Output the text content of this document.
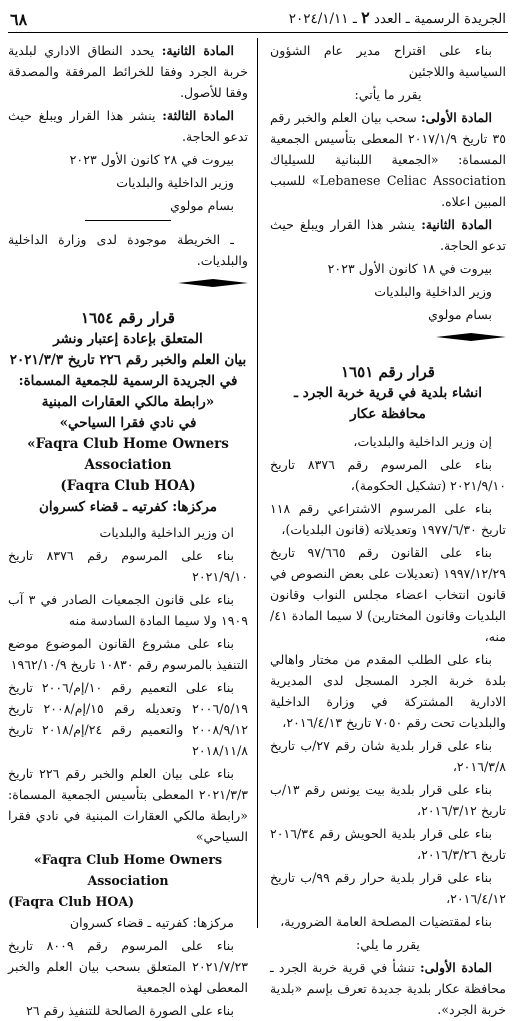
الجريدة الرسمية ـ العدد ٢ ـ ٢٠٢٤/١/١١
٦٨

بناء على اقتراح مدير عام الشؤون السياسية واللاجئين

يقرر ما يأتي:

المادة الأولى: سحب بيان العلم والخبر رقم ٣٥ تاريخ ٢٠١٧/١/٩ المعطى بتأسيس الجمعية المسماة: «الجمعية اللبنانية للسيلياك Lebanese Celiac Association» للسبب المبين اعلاه.

المادة الثانية: ينشر هذا القرار ويبلغ حيث تدعو الحاجة.

بيروت في ١٨ كانون الأول ٢٠٢٣

وزير الداخلية والبلديات

بسام مولوي

قرار رقم ١٦٥١
انشاء بلدية في قرية خربة الجرد ـ محافظة عكار

إن وزير الداخلية والبلديات،

بناء على المرسوم رقم ٨٣٧٦ تاريخ ٢٠٢١/٩/١٠ (تشكيل الحكومة)،

بناء على المرسوم الاشتراعي رقم ١١٨ تاريخ ١٩٧٧/٦/٣٠ وتعديلاته (قانون البلديات)،

بناء على القانون رقم ٩٧/٦٦٥ تاريخ ١٩٩٧/١٢/٢٩ (تعديلات على بعض النصوص في قانون انتخاب اعضاء مجلس النواب وقانون البلديات وقانون المختارين) لا سيما المادة ٤١/ منه،

بناء على الطلب المقدم من مختار واهالي بلدة خربة الجرد المسجل لدى المديرية الادارية المشتركة في وزارة الداخلية والبلديات تحت رقم ٧٠٥٠ تاريخ ٢٠١٦/٤/١٣،

بناء على قرار بلدية شان رقم ٢٧/ب تاريخ ٢٠١٦/٣/٨،

بناء على قرار بلدية بيت يونس رقم ١٣/ب تاريخ ٢٠١٦/٣/١٢،

بناء على قرار بلدية الحويش رقم ٢٠١٦/٣٤ تاريخ ٢٠١٦/٣/٢٦،

بناء على قرار بلدية حرار رقم ٩٩/ب تاريخ ٢٠١٦/٤/١٢،

بناء لمقتضيات المصلحة العامة الضرورية،

يقرر ما يلي:

المادة الأولى: تنشأ في قرية خربة الجرد ـ محافظة عكار بلدية جديدة تعرف بإسم «بلدية خربة الجرد».

المادة الثانية: يحدد النطاق الاداري لبلدية خربة الجرد وفقا للخرائط المرفقة والمصدقة وفقا للأصول.

المادة الثالثة: ينشر هذا القرار ويبلغ حيث تدعو الحاجة.

بيروت في ٢٨ كانون الأول ٢٠٢٣

وزير الداخلية والبلديات

بسام مولوي

ـ الخريطة موجودة لدى وزارة الداخلية والبلديات.

قرار رقم ١٦٥٤
المتعلق بإعادة إعتبار ونشر
بيان العلم والخبر رقم ٢٢٦ تاريخ ٢٠٢١/٣/٣
في الجريدة الرسمية للجمعية المسماة:
«رابطة مالكي العقارات المبنية
في نادي فقرا السياحي»
«Faqra Club Home Owners Association
(Faqra Club HOA)
مركزها: كفرتيه ـ قضاء كسروان

ان وزير الداخلية والبلديات

بناء على المرسوم رقم ٨٣٧٦ تاريخ ٢٠٢١/٩/١٠

بناء على قانون الجمعيات الصادر في ٣ آب ١٩٠٩ ولا سيما المادة السادسة منه

بناء على مشروع القانون الموضوع موضع التنفيذ بالمرسوم رقم ١٠٨٣٠ تاريخ ١٩٦٢/١٠/٩

بناء على التعميم رقم ١٠/إم/٢٠٠٦ تاريخ ٢٠٠٦/٥/١٩ وتعديله رقم ١٥/إم/٢٠٠٨ تاريخ ٢٠٠٨/٩/١٢ والتعميم رقم ٢٤/إم/٢٠١٨ تاريخ ٢٠١٨/١١/٨

بناء على بيان العلم والخبر رقم ٢٢٦ تاريخ ٢٠٢١/٣/٣ المعطى بتأسيس الجمعية المسماة: «رابطة مالكي العقارات المبنية في نادي فقرا السياحي»

«Faqra Club Home Owners Association
(Faqra Club HOA)

مركزها: كفرتيه ـ قضاء كسروان

بناء على المرسوم رقم ٨٠٠٩ تاريخ ٢٠٢١/٧/٢٣ المتعلق بسحب بيان العلم والخبر المعطى لهذه الجمعية

بناء على الصورة الصالحة للتنفيذ رقم ٢٦
